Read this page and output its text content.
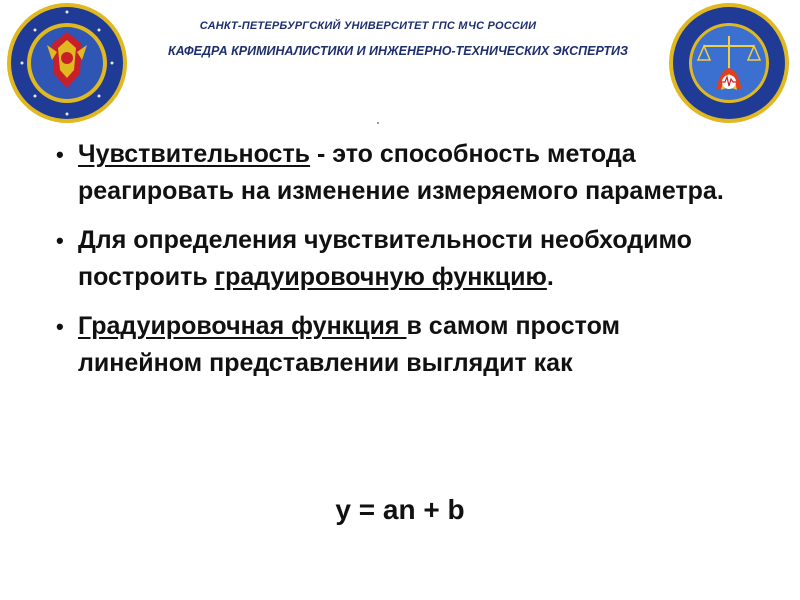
САНКТ-ПЕТЕРБУРГСКИЙ УНИВЕРСИТЕТ ГПС МЧС РОССИИ
КАФЕДРА КРИМИНАЛИСТИКИ И ИНЖЕНЕРНО-ТЕХНИЧЕСКИХ ЭКСПЕРТИЗ
• Чувствительность - это способность метода реагировать на изменение измеряемого параметра.
• Для определения чувствительности необходимо построить градуировочную функцию.
• Градуировочная функция в самом простом линейном представлении выглядит как
y = an + b
